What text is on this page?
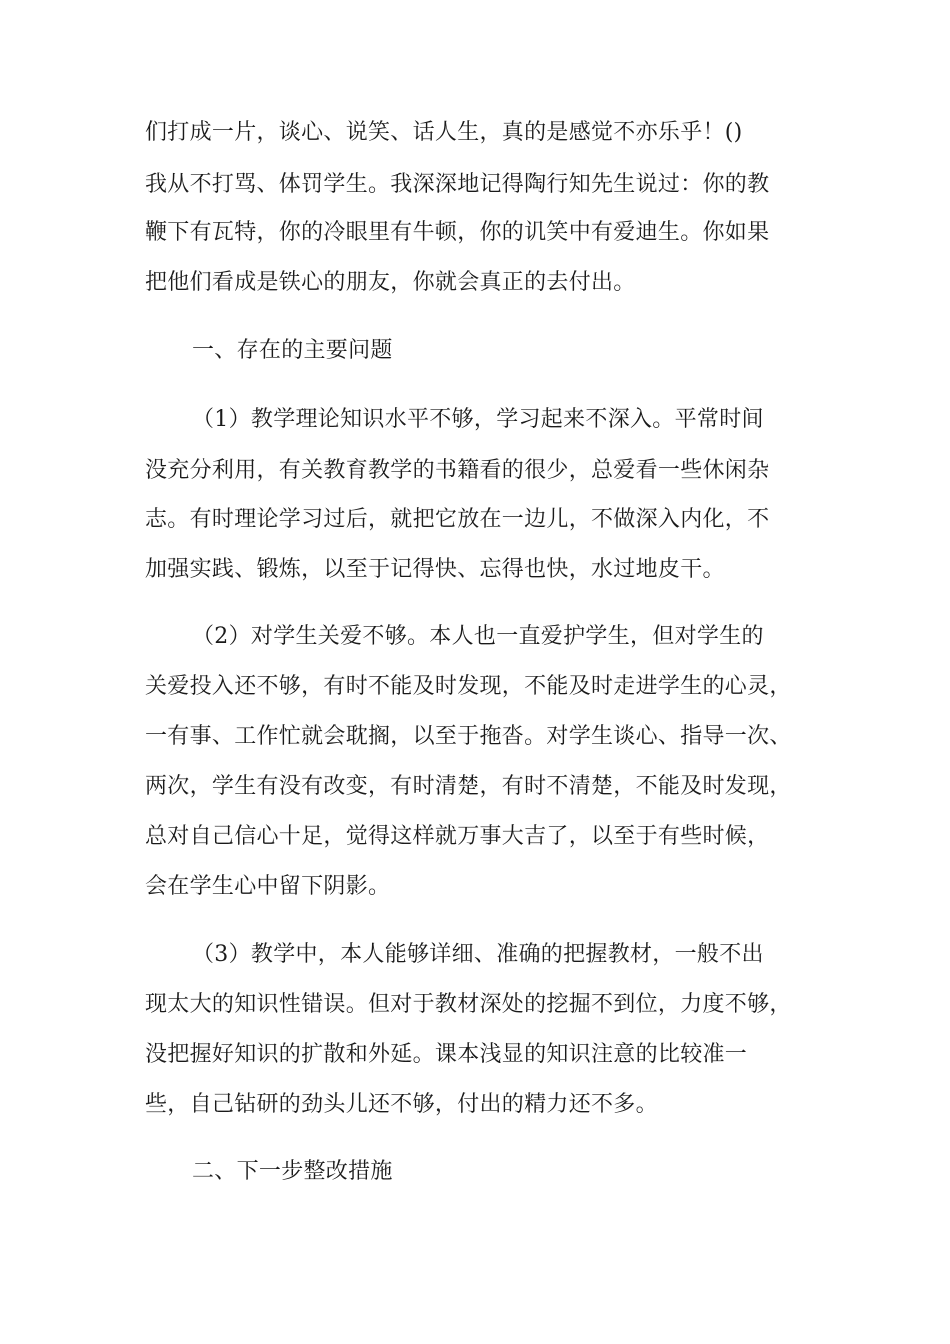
们打成一片，谈心、说笑、话人生，真的是感觉不亦乐乎！()
我从不打骂、体罚学生。我深深地记得陶行知先生说过：你的教
鞭下有瓦特，你的冷眼里有牛顿，你的讥笑中有爱迪生。你如果
把他们看成是铁心的朋友，你就会真正的去付出。
一、存在的主要问题
（1）教学理论知识水平不够，学习起来不深入。平常时间
没充分利用，有关教育教学的书籍看的很少，总爱看一些休闲杂
志。有时理论学习过后，就把它放在一边儿，不做深入内化，不
加强实践、锻炼，以至于记得快、忘得也快，水过地皮干。
（2）对学生关爱不够。本人也一直爱护学生，但对学生的
关爱投入还不够，有时不能及时发现，不能及时走进学生的心灵，
一有事、工作忙就会耽搁，以至于拖沓。对学生谈心、指导一次、
两次，学生有没有改变，有时清楚，有时不清楚，不能及时发现，
总对自己信心十足，觉得这样就万事大吉了，以至于有些时候，
会在学生心中留下阴影。
（3）教学中，本人能够详细、准确的把握教材，一般不出
现太大的知识性错误。但对于教材深处的挖掘不到位，力度不够，
没把握好知识的扩散和外延。课本浅显的知识注意的比较准一
些，自己钻研的劲头儿还不够，付出的精力还不多。
二、下一步整改措施
